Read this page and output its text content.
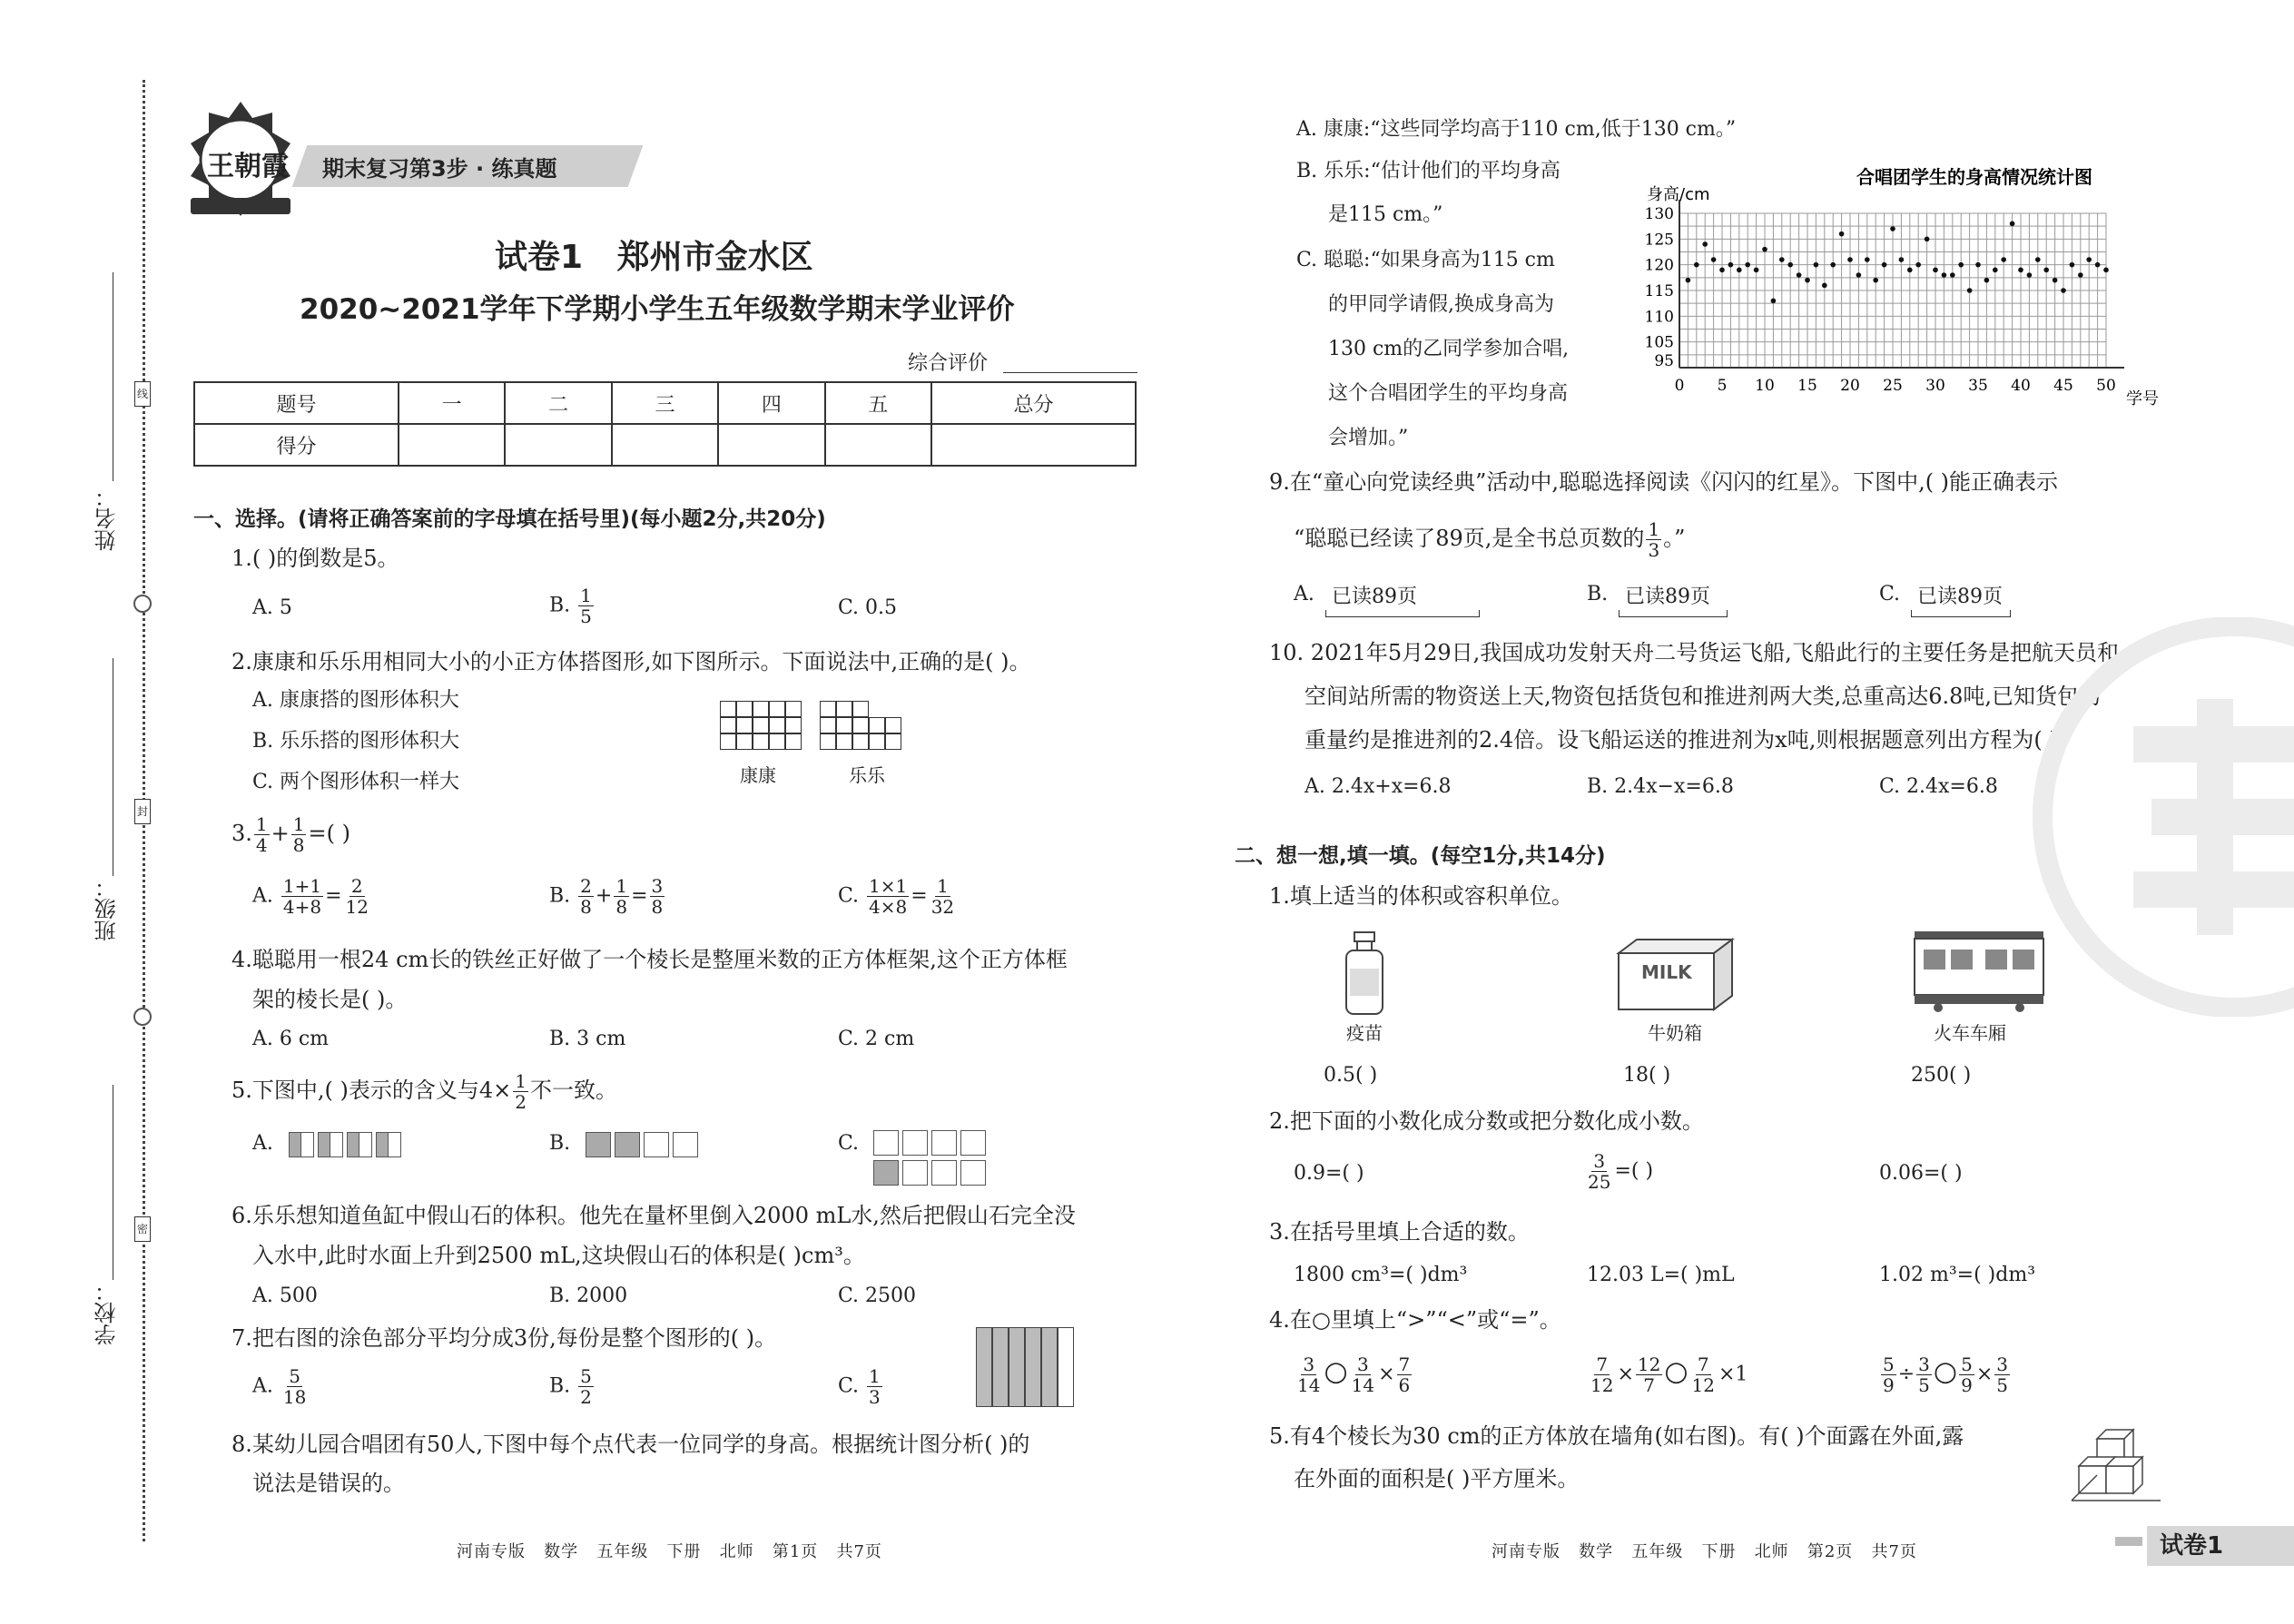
姓名：
班级：
学校：
线
封
密
王朝霞 期末复习第3步 · 练真题
试卷1   郑州市金水区
2020~2021学年下学期小学生五年级数学期末学业评价
综合评价
题号	一	二	三	四	五	总分
得分						
一、选择。(请将正确答案前的字母填在括号里)(每小题2分,共20分)
1.( )的倒数是5。
A. 5	B. $\frac{1}{5}$	C. 0.5
2.康康和乐乐用相同大小的小正方体搭图形,如下图所示。下面说法中,正确的是( )。
A. 康康搭的图形体积大
B. 乐乐搭的图形体积大
C. 两个图形体积一样大	康康	乐乐
3. $\frac{1}{4} + \frac{1}{8}$ =( )
A. $\frac{1+1}{4+8} = \frac{2}{12}$	B. $\frac{2}{8} + \frac{1}{8} = \frac{3}{8}$	C. $\frac{1\times 1}{4\times 8} = \frac{1}{32}$
4.聪聪用一根24 cm长的铁丝正好做了一个棱长是整厘米数的正方体框架,这个正方体框
架的棱长是( )。
A. 6 cm	B. 3 cm	C. 2 cm
5.下图中,( )表示的含义与$4\times \frac{1}{2}$ 不一致。
A.	B.	C.
6.乐乐想知道鱼缸中假山石的体积。他先在量杯里倒入2000 mL水,然后把假山石完全没
入水中,此时水面上升到2500 mL,这块假山石的体积是( )cm³。
A. 500	B. 2000	C. 2500
7.把右图的涂色部分平均分成3份,每份是整个图形的( )。
A. $\frac{5}{18}$	B. $\frac{5}{2}$	C. $\frac{1}{3}$
8.某幼儿园合唱团有50人,下图中每个点代表一位同学的身高。根据统计图分析( )的
说法是错误的。
A. 康康:“这些同学均高于110 cm,低于130 cm。”
B. 乐乐:“估计他们的平均身高
是115 cm。”
C. 聪聪:“如果身高为115 cm
的甲同学请假,换成身高为
130 cm的乙同学参加合唱,
这个合唱团学生的平均身高
会增加。”
合唱团学生的身高情况统计图
身高/cm
学号
95
105
110
115
120
125
130
0 5 10 15 20 25 30 35 40 45 50
9.在“童心向党读经典”活动中,聪聪选择阅读《闪闪的红星》。下图中,( )能正确表示
“聪聪已经读了89页,是全书总页数的 $\frac{1}{3}$ 。”
A.	B.	C.
已读89页	已读89页	已读89页
10. 2021年5月29日,我国成功发射天舟二号货运飞船,飞船此行的主要任务是把航天员和
空间站所需的物资送上天,物资包括货包和推进剂两大类,总重高达6.8吨,已知货包的
重量约是推进剂的2.4倍。设飞船运送的推进剂为x吨,则根据题意列出方程为( )。
A. 2.4x+x=6.8	B. 2.4x−x=6.8	C. 2.4x=6.8
二、想一想,填一填。(每空1分,共14分)
1.填上适当的体积或容积单位。
MILK
疫苗	牛奶箱	火车车厢
0.5( )	18( )	250( )
2.把下面的小数化成分数或把分数化成小数。
0.9=( )	$\frac{3}{25}$ =( )	0.06=( )
3.在括号里填上合适的数。
1800 cm³=( )dm³	12.03 L=( )mL	1.02 m³=( )dm³
4.在○里填上“>”“<”或“=”。
$\frac{3}{14}$ ○ $\frac{3}{14} \times \frac{7}{6}$	$\frac{7}{12} \times \frac{12}{7}$ ○ $\frac{7}{12} \times 1$	$\frac{5}{9} \div \frac{3}{5}$ ○ $\frac{5}{9} \times \frac{3}{5}$
5.有4个棱长为30 cm的正方体放在墙角(如右图)。有( )个面露在外面,露
在外面的面积是( )平方厘米。
河南专版   数学   五年级   下册   北师   第1页   共7页	河南专版   数学   五年级   下册   北师   第2页   共7页	试卷1
